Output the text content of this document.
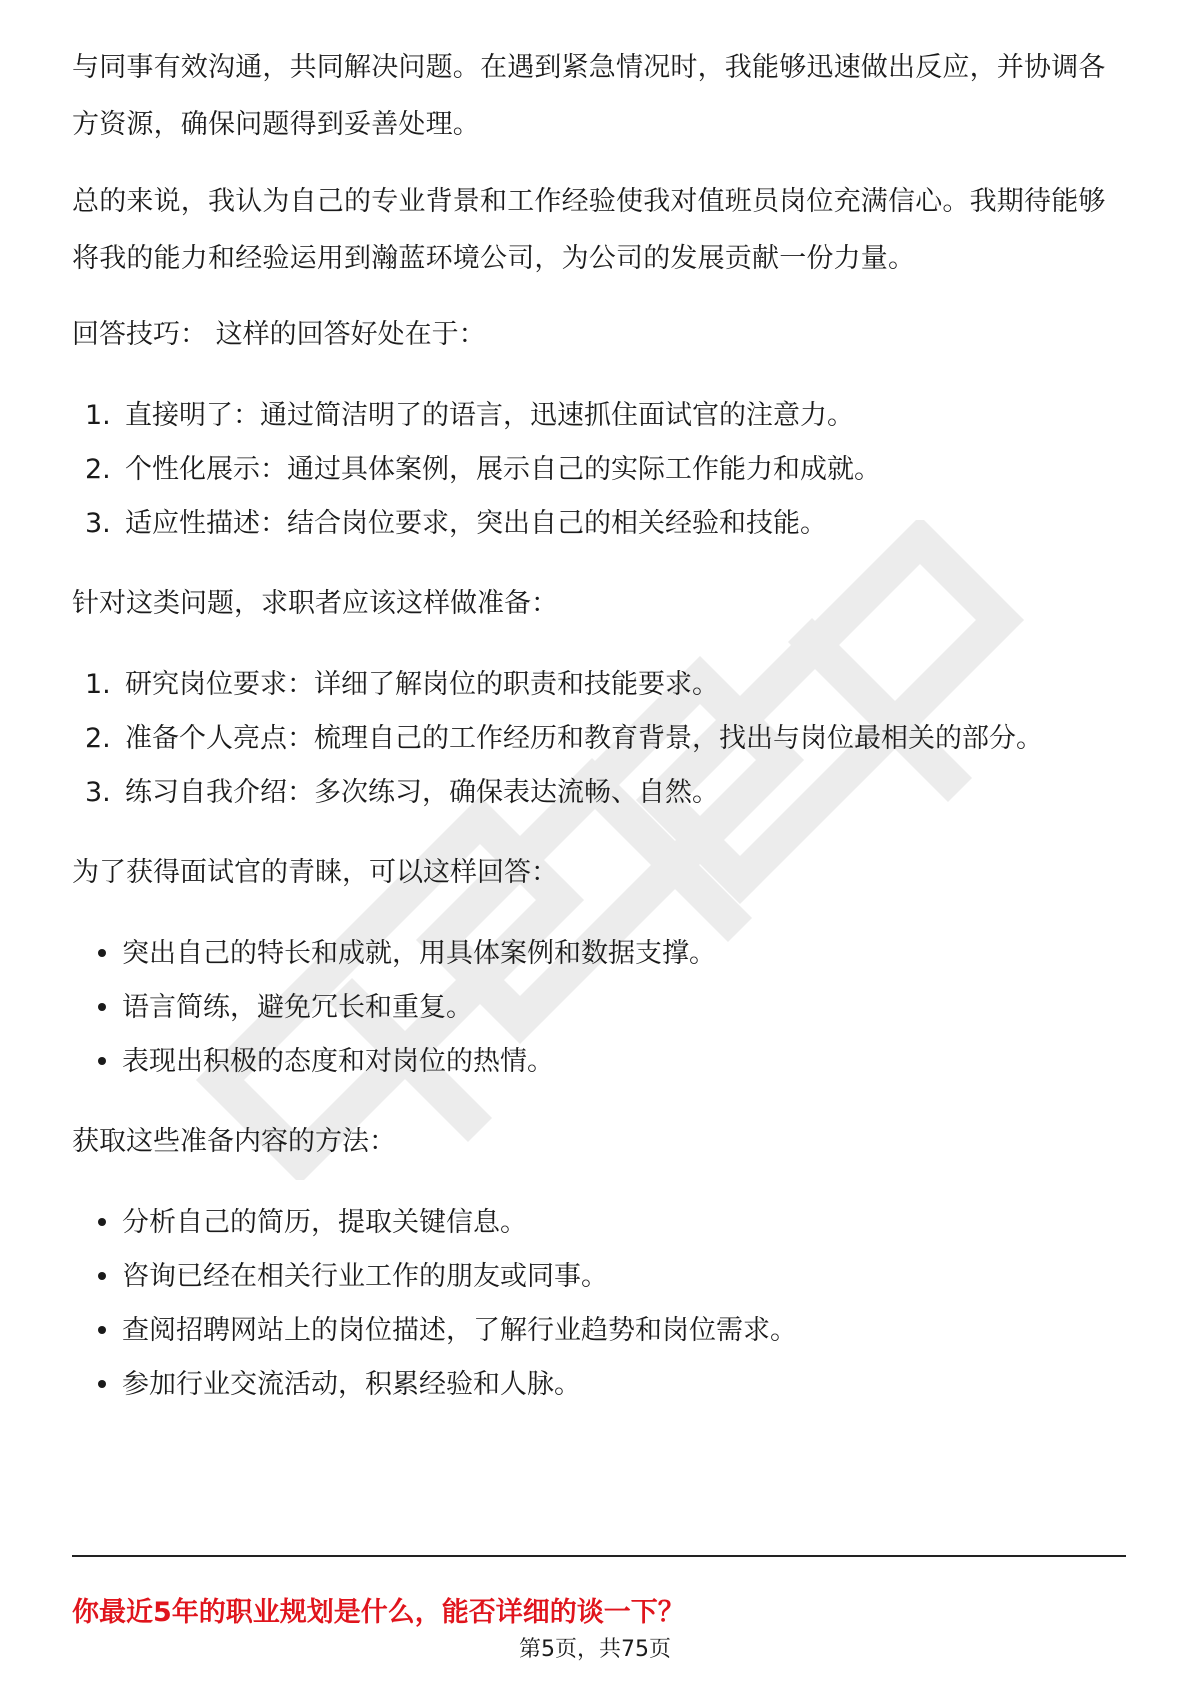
与同事有效沟通，共同解决问题。在遇到紧急情况时，我能够迅速做出反应，并协调各方资源，确保问题得到妥善处理。

总的来说，我认为自己的专业背景和工作经验使我对值班员岗位充满信心。我期待能够将我的能力和经验运用到瀚蓝环境公司，为公司的发展贡献一份力量。

回答技巧： 这样的回答好处在于：

1. 直接明了：通过简洁明了的语言，迅速抓住面试官的注意力。

2. 个性化展示：通过具体案例，展示自己的实际工作能力和成就。

3. 适应性描述：结合岗位要求，突出自己的相关经验和技能。

针对这类问题，求职者应该这样做准备：

1. 研究岗位要求：详细了解岗位的职责和技能要求。

2. 准备个人亮点：梳理自己的工作经历和教育背景，找出与岗位最相关的部分。

3. 练习自我介绍：多次练习，确保表达流畅、自然。

为了获得面试官的青睐，可以这样回答：

突出自己的特长和成就，用具体案例和数据支撑。

语言简练，避免冗长和重复。

表现出积极的态度和对岗位的热情。

获取这些准备内容的方法：

分析自己的简历，提取关键信息。

咨询已经在相关行业工作的朋友或同事。

查阅招聘网站上的岗位描述，了解行业趋势和岗位需求。

参加行业交流活动，积累经验和人脉。

你最近5年的职业规划是什么，能否详细的谈一下？

第5页，共75页
